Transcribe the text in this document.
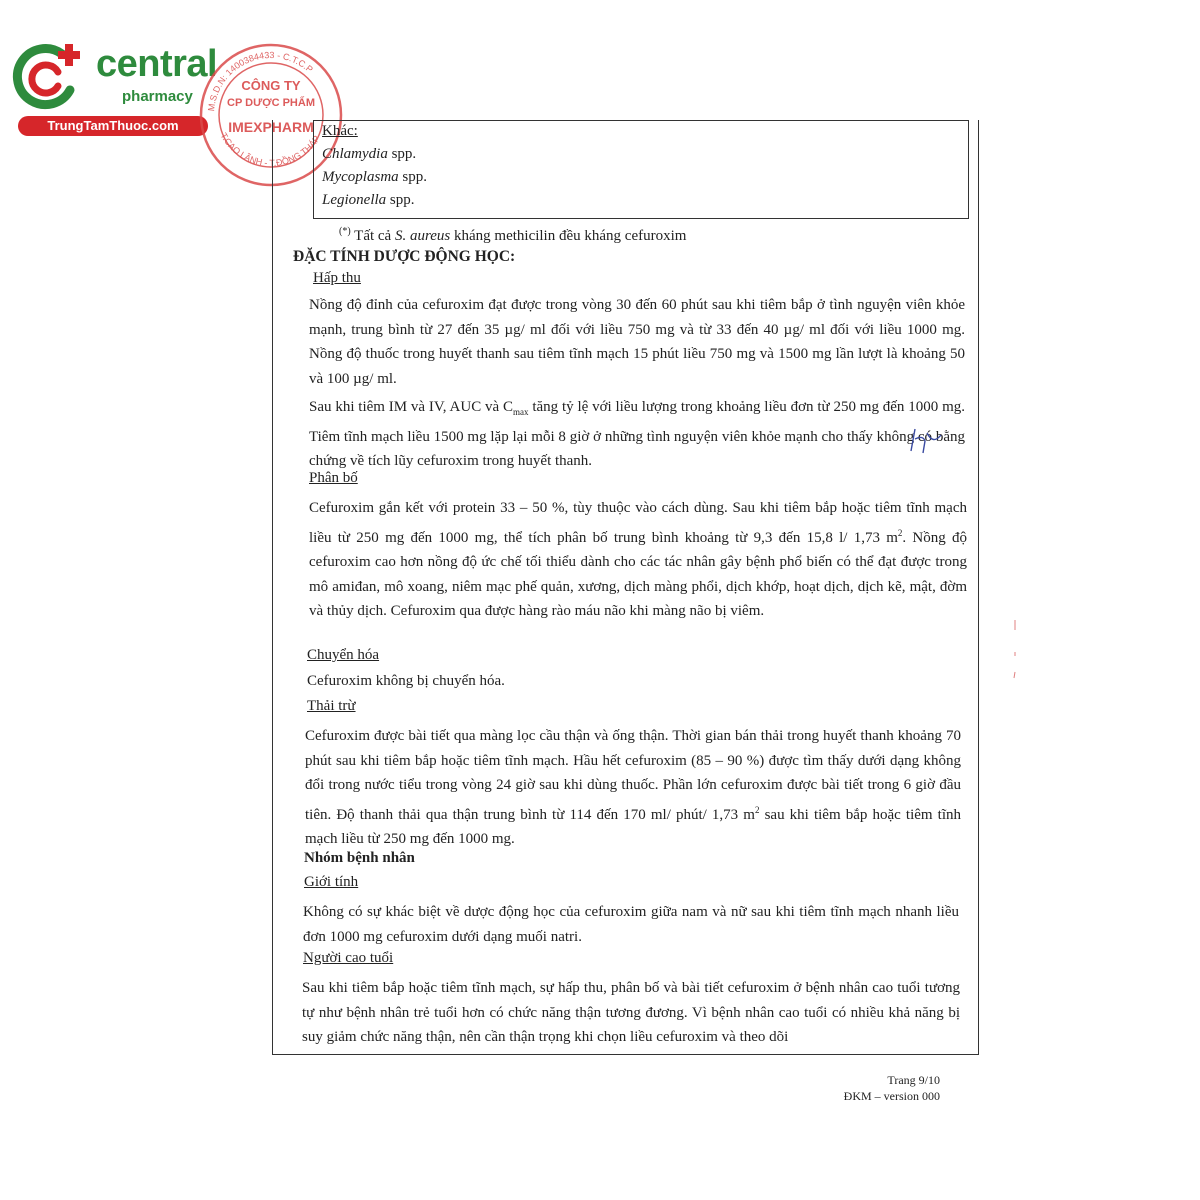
central
pharmacy
TrungTamThuoc.com
CÔNG TY
CP DƯỢC PHẨM
IMEXPHARM
M.S.D.N: 1400384433 - C.T.C.P
T.CAO LÃNH - T.ĐỒNG THÁP Khác:
Chlamydia spp.
Mycoplasma spp.
Legionella spp.
(*) Tất cả S. aureus kháng methicilin đều kháng cefuroxim
ĐẶC TÍNH DƯỢC ĐỘNG HỌC:
Hấp thu
Nồng độ đỉnh của cefuroxim đạt được trong vòng 30 đến 60 phút sau khi tiêm bắp ở tình nguyện viên khỏe mạnh, trung bình từ 27 đến 35 µg/ ml đối với liều 750 mg và từ 33 đến 40 µg/ ml đối với liều 1000 mg. Nồng độ thuốc trong huyết thanh sau tiêm tĩnh mạch 15 phút liều 750 mg và 1500 mg lần lượt là khoảng 50 và 100 µg/ ml.
Sau khi tiêm IM và IV, AUC và $C_{max}$ tăng tỷ lệ với liều lượng trong khoảng liều đơn từ 250 mg đến 1000 mg. Tiêm tĩnh mạch liều 1500 mg lặp lại mỗi 8 giờ ở những tình nguyện viên khỏe mạnh cho thấy không có bằng chứng về tích lũy cefuroxim trong huyết thanh.
Phân bố
Cefuroxim gắn kết với protein 33 – 50 %, tùy thuộc vào cách dùng. Sau khi tiêm bắp hoặc tiêm tĩnh mạch liều từ 250 mg đến 1000 mg, thể tích phân bố trung bình khoảng từ 9,3 đến 15,8 l/ 1,73 $m^2$. Nồng độ cefuroxim cao hơn nồng độ ức chế tối thiểu dành cho các tác nhân gây bệnh phổ biến có thể đạt được trong mô amiđan, mô xoang, niêm mạc phế quản, xương, dịch màng phổi, dịch khớp, hoạt dịch, dịch kẽ, mật, đờm và thủy dịch. Cefuroxim qua được hàng rào máu não khi màng não bị viêm.
Chuyển hóa
Cefuroxim không bị chuyển hóa.
Thải trừ
Cefuroxim được bài tiết qua màng lọc cầu thận và ống thận. Thời gian bán thải trong huyết thanh khoảng 70 phút sau khi tiêm bắp hoặc tiêm tĩnh mạch. Hầu hết cefuroxim (85 – 90 %) được tìm thấy dưới dạng không đổi trong nước tiểu trong vòng 24 giờ sau khi dùng thuốc. Phần lớn cefuroxim được bài tiết trong 6 giờ đầu tiên. Độ thanh thải qua thận trung bình từ 114 đến 170 ml/ phút/ 1,73 $m^2$ sau khi tiêm bắp hoặc tiêm tĩnh mạch liều từ 250 mg đến 1000 mg.
Nhóm bệnh nhân
Giới tính
Không có sự khác biệt về dược động học của cefuroxim giữa nam và nữ sau khi tiêm tĩnh mạch nhanh liều đơn 1000 mg cefuroxim dưới dạng muối natri.
Người cao tuổi
Sau khi tiêm bắp hoặc tiêm tĩnh mạch, sự hấp thu, phân bố và bài tiết cefuroxim ở bệnh nhân cao tuổi tương tự như bệnh nhân trẻ tuổi hơn có chức năng thận tương đương. Vì bệnh nhân cao tuổi có nhiều khả năng bị suy giảm chức năng thận, nên cần thận trọng khi chọn liều cefuroxim và theo dõi
Trang 9/10
ĐKM – version 000
